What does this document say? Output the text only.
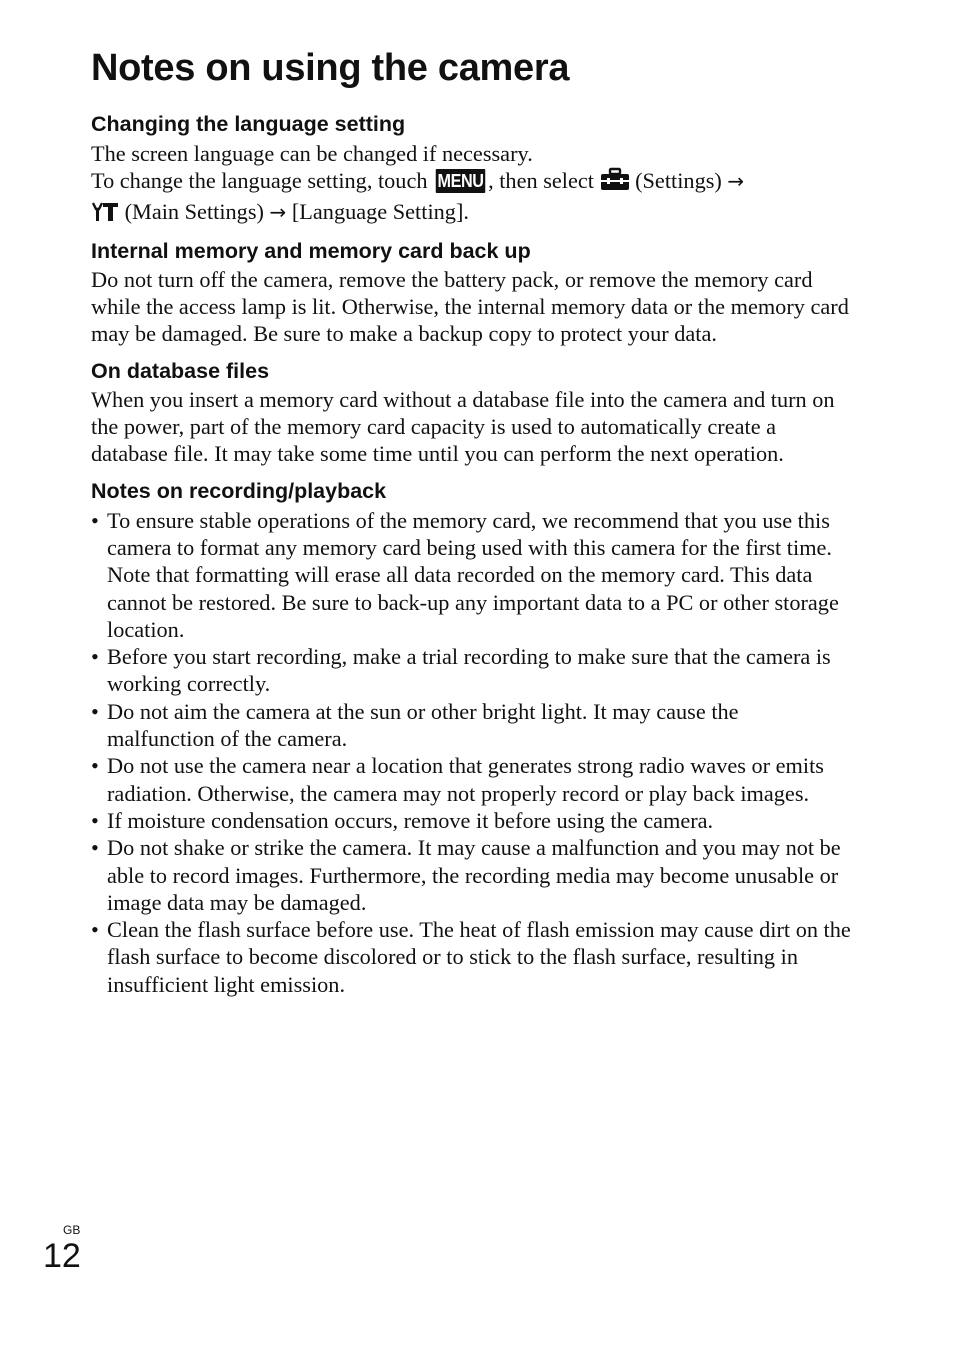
Notes on using the camera
Changing the language setting

The screen language can be changed if necessary.
To change the language setting, touch MENU , then select (Settings) →
(Main Settings) → [Language Setting].

Internal memory and memory card back up

Do not turn off the camera, remove the battery pack, or remove the memory card while the access lamp is lit. Otherwise, the internal memory data or the memory card may be damaged. Be sure to make a backup copy to protect your data.

On database files

When you insert a memory card without a database file into the camera and turn on the power, part of the memory card capacity is used to automatically create a database file. It may take some time until you can perform the next operation.

Notes on recording/playback
• To ensure stable operations of the memory card, we recommend that you use this camera to format any memory card being used with this camera for the first time. Note that formatting will erase all data recorded on the memory card. This data cannot be restored. Be sure to back-up any important data to a PC or other storage location.
• Before you start recording, make a trial recording to make sure that the camera is working correctly.
• Do not aim the camera at the sun or other bright light. It may cause the malfunction of the camera.
• Do not use the camera near a location that generates strong radio waves or emits radiation. Otherwise, the camera may not properly record or play back images.
• If moisture condensation occurs, remove it before using the camera.
• Do not shake or strike the camera. It may cause a malfunction and you may not be able to record images. Furthermore, the recording media may become unusable or image data may be damaged.
• Clean the flash surface before use. The heat of flash emission may cause dirt on the flash surface to become discolored or to stick to the flash surface, resulting in insufficient light emission.
GB
12
